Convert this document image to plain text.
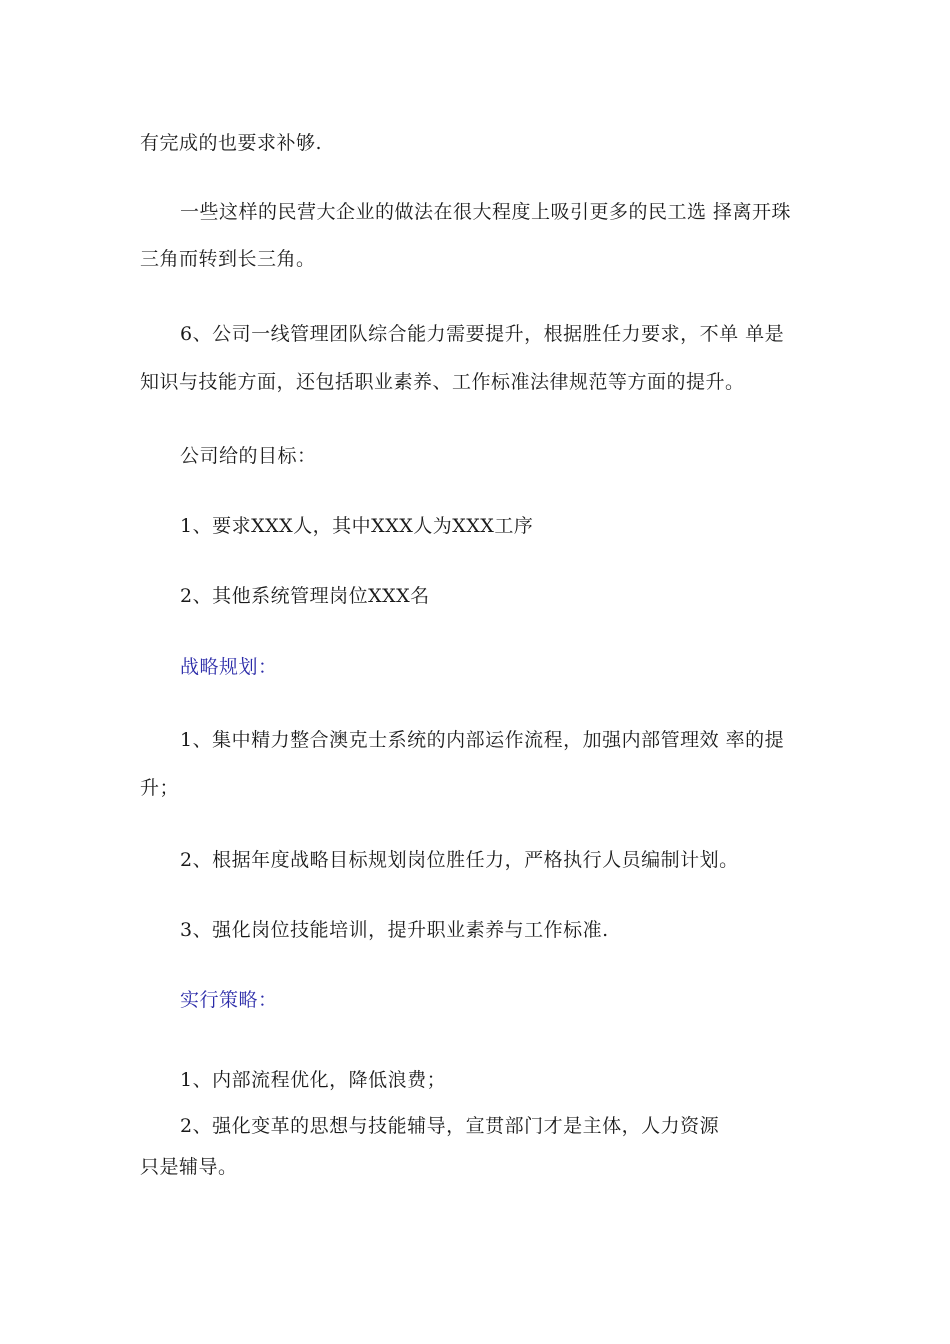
有完成的也要求补够.
一些这样的民营大企业的做法在很大程度上吸引更多的民工选 择离开珠
三角而转到长三角。
6、公司一线管理团队综合能力需要提升，根据胜任力要求，不单 单是
知识与技能方面，还包括职业素养、工作标准法律规范等方面的提升。
公司给的目标：
1、要求XXX人，其中XXX人为XXX工序
2、其他系统管理岗位XXX名
战略规划：
1、集中精力整合澳克士系统的内部运作流程，加强内部管理效 率的提
升；
2、根据年度战略目标规划岗位胜任力，严格执行人员编制计划。
3、强化岗位技能培训，提升职业素养与工作标准.
实行策略：
1、内部流程优化，降低浪费；
2、强化变革的思想与技能辅导，宣贯部门才是主体，人力资源
只是辅导。
